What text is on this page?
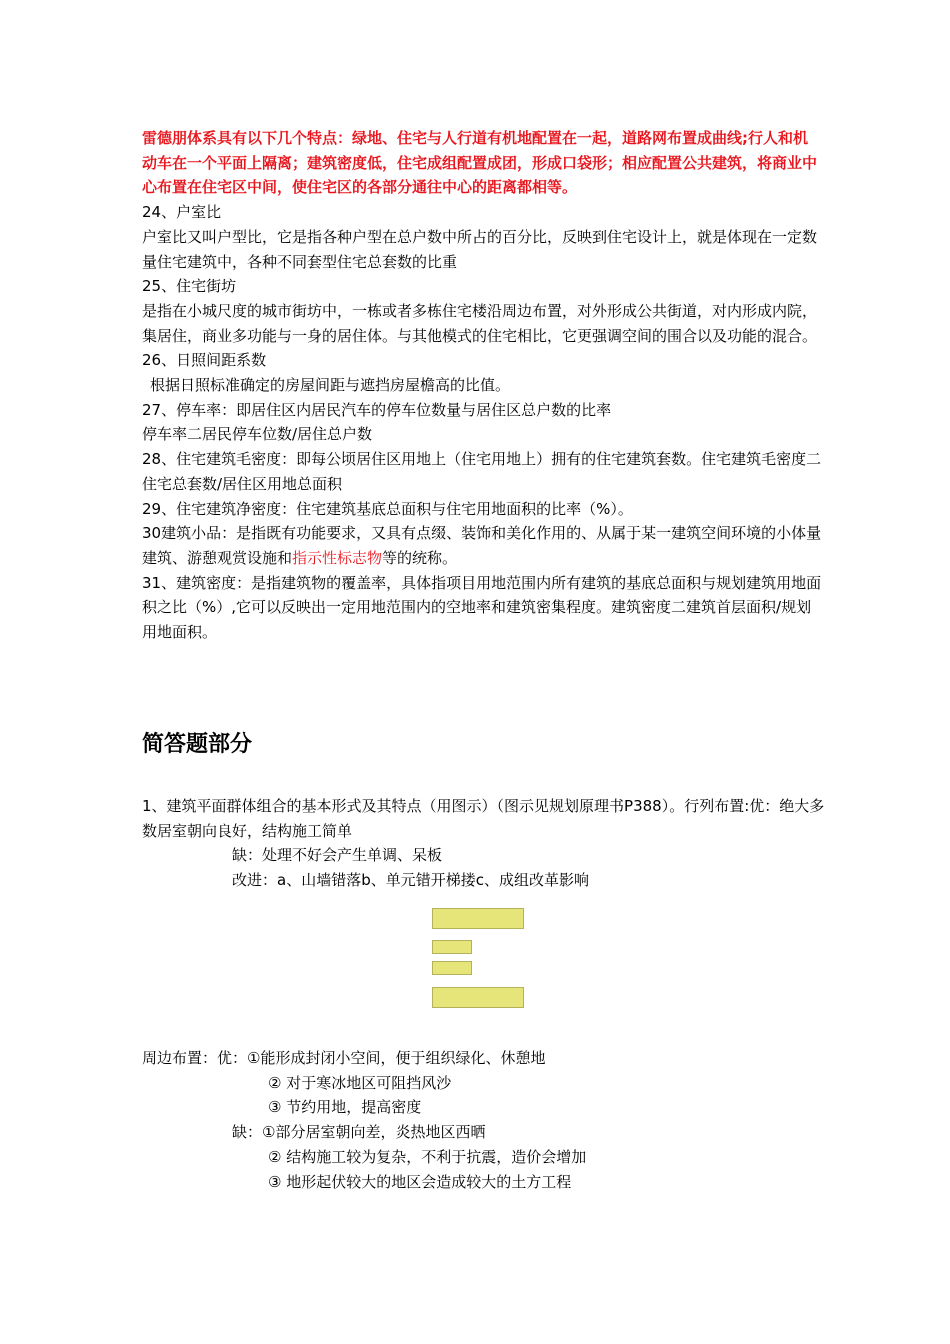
雷德朋体系具有以下几个特点：绿地、住宅与人行道有机地配置在一起，道路网布置成曲线;行人和机动车在一个平面上隔离；建筑密度低，住宅成组配置成团，形成口袋形；相应配置公共建筑，将商业中心布置在住宅区中间，使住宅区的各部分通往中心的距离都相等。

24、户室比

户室比又叫户型比，它是指各种户型在总户数中所占的百分比，反映到住宅设计上，就是体现在一定数量住宅建筑中，各种不同套型住宅总套数的比重

25、住宅街坊

是指在小城尺度的城市街坊中，一栋或者多栋住宅楼沿周边布置，对外形成公共街道，对内形成内院，集居住，商业多功能与一身的居住体。与其他模式的住宅相比，它更强调空间的围合以及功能的混合。

26、日照间距系数

根据日照标准确定的房屋间距与遮挡房屋檐高的比值。

27、停车率：即居住区内居民汽车的停车位数量与居住区总户数的比率

停车率二居民停车位数/居住总户数

28、住宅建筑毛密度：即每公顷居住区用地上（住宅用地上）拥有的住宅建筑套数。住宅建筑毛密度二住宅总套数/居住区用地总面积

29、住宅建筑净密度：住宅建筑基底总面积与住宅用地面积的比率（%）。

30建筑小品：是指既有功能要求，又具有点缀、装饰和美化作用的、从属于某一建筑空间环境的小体量建筑、游憩观赏设施和指示性标志物等的统称。

31、建筑密度：是指建筑物的覆盖率，具体指项目用地范围内所有建筑的基底总面积与规划建筑用地面积之比（%）,它可以反映出一定用地范围内的空地率和建筑密集程度。建筑密度二建筑首层面积/规划用地面积。

简答题部分

1、建筑平面群体组合的基本形式及其特点（用图示）（图示见规划原理书P388）。行列布置:优：绝大多数居室朝向良好，结构施工简单

缺：处理不好会产生单调、呆板

改进：a、山墙错落b、单元错开梯搂c、成组改革影响

周边布置：优：①能形成封闭小空间，便于组织绿化、休憩地

② 对于寒冰地区可阻挡风沙

③ 节约用地，提高密度

缺：①部分居室朝向差，炎热地区西晒

② 结构施工较为复杂，不利于抗震，造价会增加

③ 地形起伏较大的地区会造成较大的土方工程
